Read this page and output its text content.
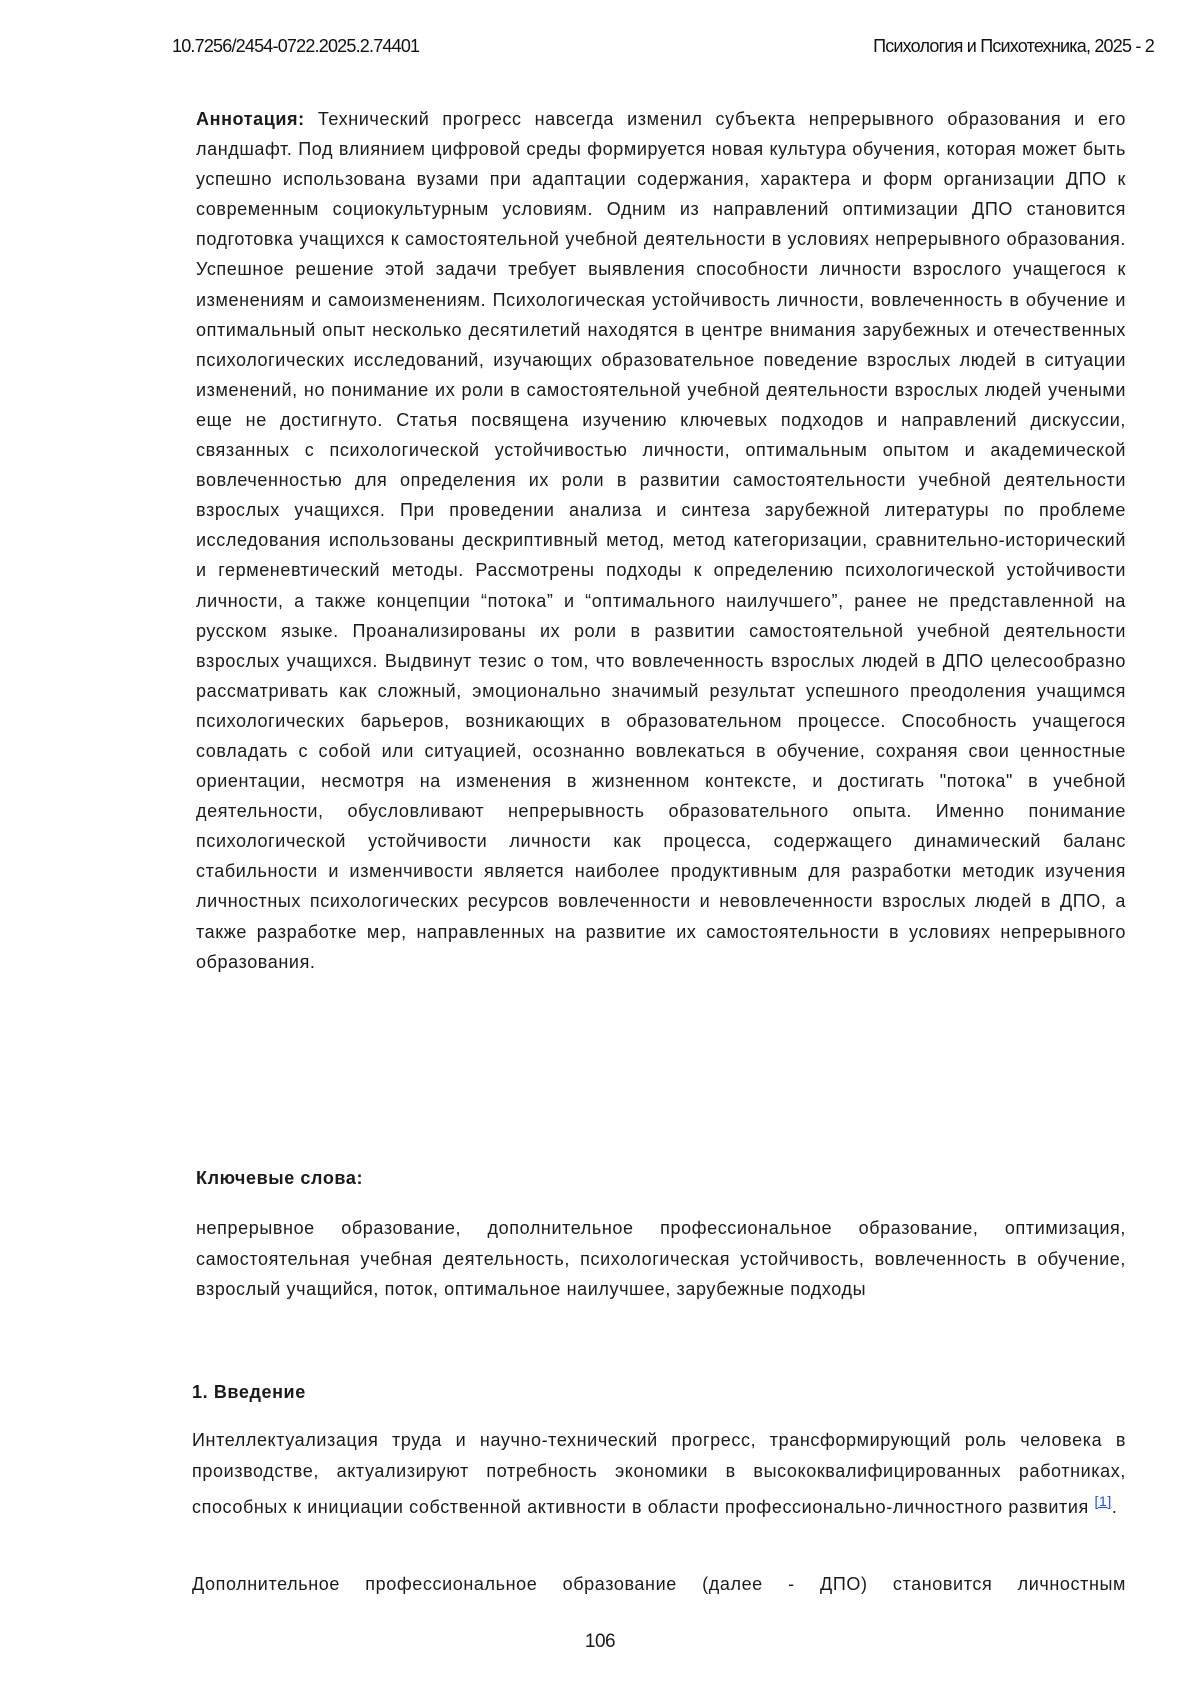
10.7256/2454-0722.2025.2.74401	Психология и Психотехника, 2025 - 2

Аннотация: Технический прогресс навсегда изменил субъекта непрерывного образования и его ландшафт. Под влиянием цифровой среды формируется новая культура обучения, которая может быть успешно использована вузами при адаптации содержания, характера и форм организации ДПО к современным социокультурным условиям. Одним из направлений оптимизации ДПО становится подготовка учащихся к самостоятельной учебной деятельности в условиях непрерывного образования. Успешное решение этой задачи требует выявления способности личности взрослого учащегося к изменениям и самоизменениям. Психологическая устойчивость личности, вовлеченность в обучение и оптимальный опыт несколько десятилетий находятся в центре внимания зарубежных и отечественных психологических исследований, изучающих образовательное поведение взрослых людей в ситуации изменений, но понимание их роли в самостоятельной учебной деятельности взрослых людей учеными еще не достигнуто. Статья посвящена изучению ключевых подходов и направлений дискуссии, связанных с психологической устойчивостью личности, оптимальным опытом и академической вовлеченностью для определения их роли в развитии самостоятельности учебной деятельности взрослых учащихся. При проведении анализа и синтеза зарубежной литературы по проблеме исследования использованы дескриптивный метод, метод категоризации, сравнительно-исторический и герменевтический методы. Рассмотрены подходы к определению психологической устойчивости личности, а также концепции “потока” и “оптимального наилучшего”, ранее не представленной на русском языке. Проанализированы их роли в развитии самостоятельной учебной деятельности взрослых учащихся. Выдвинут тезис о том, что вовлеченность взрослых людей в ДПО целесообразно рассматривать как сложный, эмоционально значимый результат успешного преодоления учащимся психологических барьеров, возникающих в образовательном процессе. Способность учащегося совладать с собой или ситуацией, осознанно вовлекаться в обучение, сохраняя свои ценностные ориентации, несмотря на изменения в жизненном контексте, и достигать "потока" в учебной деятельности, обусловливают непрерывность образовательного опыта. Именно понимание психологической устойчивости личности как процесса, содержащего динамический баланс стабильности и изменчивости является наиболее продуктивным для разработки методик изучения личностных психологических ресурсов вовлеченности и невовлеченности взрослых людей в ДПО, а также разработке мер, направленных на развитие их самостоятельности в условиях непрерывного образования.

Ключевые слова:

непрерывное образование, дополнительное профессиональное образование, оптимизация, самостоятельная учебная деятельность, психологическая устойчивость, вовлеченность в обучение, взрослый учащийся, поток, оптимальное наилучшее, зарубежные подходы

1. Введение

Интеллектуализация труда и научно-технический прогресс, трансформирующий роль человека в производстве, актуализируют потребность экономики в высококвалифицированных работниках, способных к инициации собственной активности в области профессионально-личностного развития [1].

Дополнительное профессиональное образование (далее - ДПО) становится личностным

106
